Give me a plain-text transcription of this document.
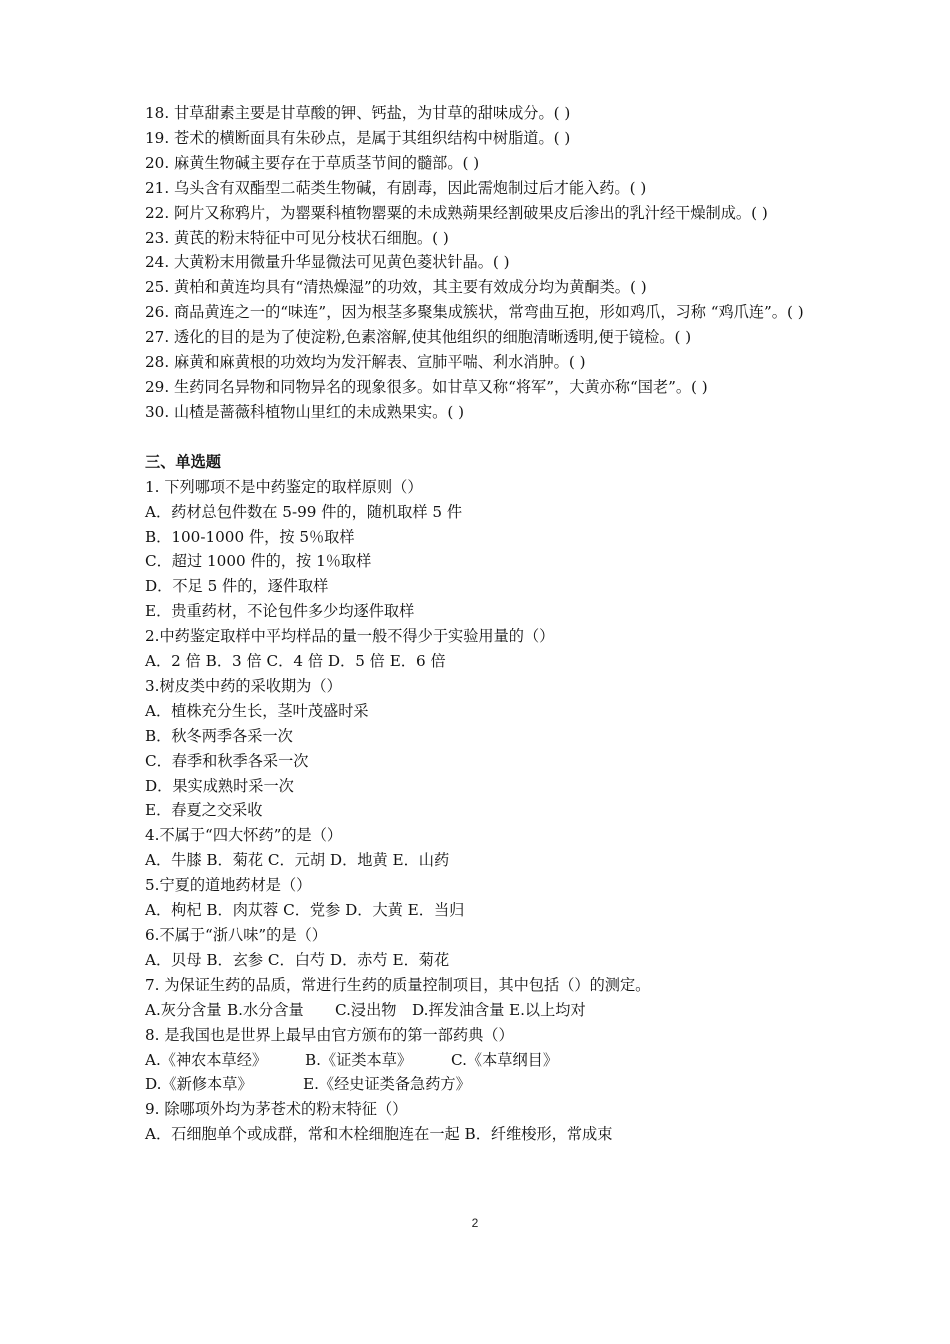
18. 甘草甜素主要是甘草酸的钾、钙盐，为甘草的甜味成分。( )
19. 苍术的横断面具有朱砂点，是属于其组织结构中树脂道。( )
20. 麻黄生物碱主要存在于草质茎节间的髓部。( )
21. 乌头含有双酯型二萜类生物碱，有剧毒，因此需炮制过后才能入药。( )
22. 阿片又称鸦片，为罂粟科植物罂粟的未成熟蒴果经割破果皮后渗出的乳汁经干燥制成。( )
23. 黄芪的粉末特征中可见分枝状石细胞。( )
24. 大黄粉末用微量升华显微法可见黄色菱状针晶。( )
25. 黄柏和黄连均具有“清热燥湿”的功效，其主要有效成分均为黄酮类。( )
26. 商品黄连之一的“味连”，因为根茎多聚集成簇状，常弯曲互抱，形如鸡爪，习称 “鸡爪连”。( )
27. 透化的目的是为了使淀粉,色素溶解,使其他组织的细胞清晰透明,便于镜检。( )
28. 麻黄和麻黄根的功效均为发汗解表、宣肺平喘、利水消肿。( )
29. 生药同名异物和同物异名的现象很多。如甘草又称“将军”，大黄亦称“国老”。( )
30. 山楂是蔷薇科植物山里红的未成熟果实。( )
三、单选题
1. 下列哪项不是中药鉴定的取样原则（）
A．药材总包件数在 5-99 件的，随机取样 5 件
B．100-1000 件，按 5％取样
C．超过 1000 件的，按 1％取样
D．不足 5 件的，逐件取样
E．贵重药材，不论包件多少均逐件取样
2.中药鉴定取样中平均样品的量一般不得少于实验用量的（）
A．2 倍 B．3 倍 C．4 倍 D．5 倍 E．6 倍
3.树皮类中药的采收期为（）
A．植株充分生长，茎叶茂盛时采
B．秋冬两季各采一次
C．春季和秋季各采一次
D．果实成熟时采一次
E．春夏之交采收
4.不属于“四大怀药”的是（）
A．牛膝 B．菊花 C．元胡 D．地黄 E．山药
5.宁夏的道地药材是（）
A．枸杞 B．肉苁蓉 C．党参 D．大黄 E．当归
6.不属于“浙八味”的是（）
A．贝母 B．玄参 C．白芍 D．赤芍 E．菊花
7. 为保证生药的品质，常进行生药的质量控制项目，其中包括（）的测定。
A.灰分含量 B.水分含量 C.浸出物 D.挥发油含量 E.以上均对
8. 是我国也是世界上最早由官方颁布的第一部药典（）
A.《神农本草经》 B.《证类本草》	C.《本草纲目》
D.《新修本草》	E.《经史证类备急药方》
9. 除哪项外均为茅苍术的粉末特征（）
A．石细胞单个或成群，常和木栓细胞连在一起 B．纤维梭形，常成束
2
